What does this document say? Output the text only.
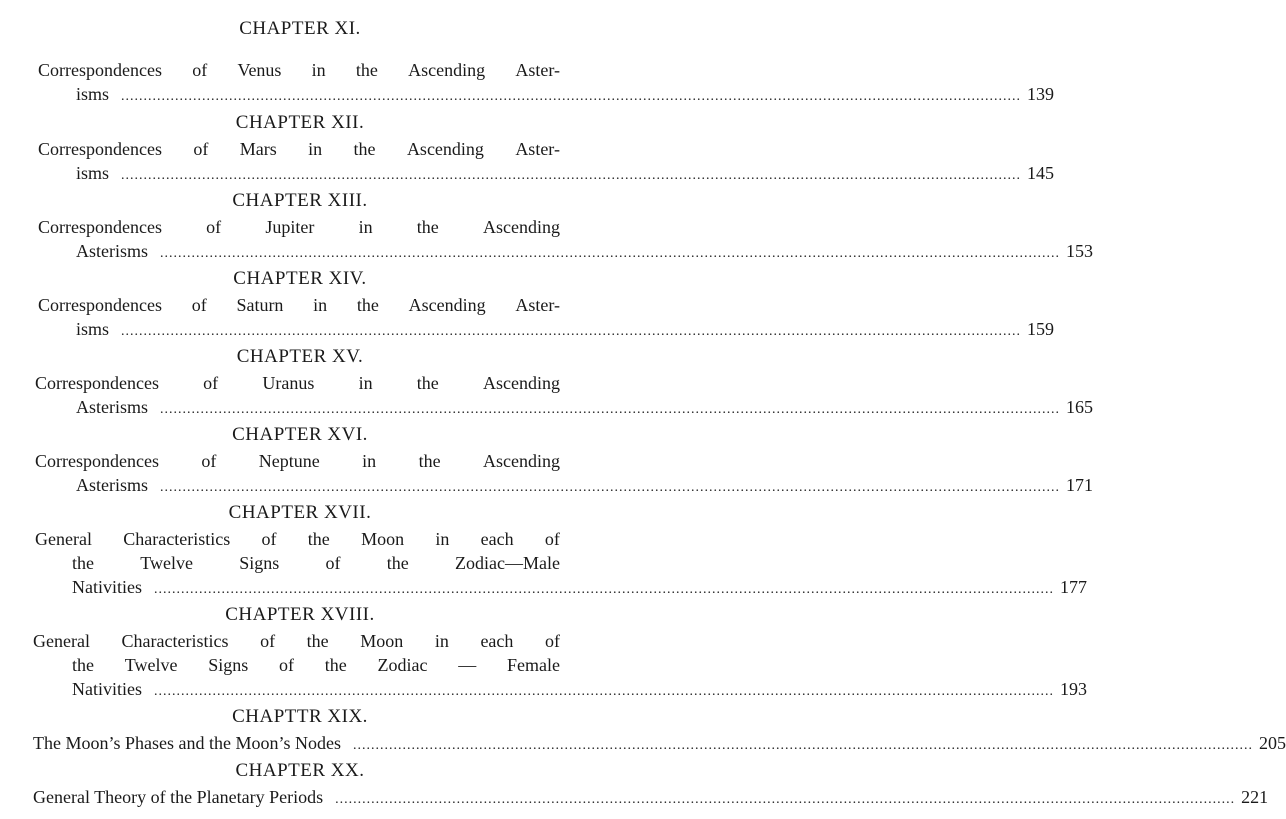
CHAPTER XI.
Correspondences of Venus in the Ascending Aster-
isms ........................................................................................................................................................................................................ 139
CHAPTER XII.
Correspondences of Mars in the Ascending Aster-
isms ........................................................................................................................................................................................................ 145
CHAPTER XIII.
Correspondences of Jupiter in the Ascending
Asterisms ........................................................................................................................................................................................................ 153
CHAPTER XIV.
Correspondences of Saturn in the Ascending Aster-
isms ........................................................................................................................................................................................................ 159
CHAPTER XV.
Correspondences of Uranus in the Ascending
Asterisms ........................................................................................................................................................................................................ 165
CHAPTER XVI.
Correspondences of Neptune in the Ascending
Asterisms ........................................................................................................................................................................................................ 171
CHAPTER XVII.
General Characteristics of the Moon in each of
the	Twelve	Signs	of	the	Zodiac—Male
Nativities ........................................................................................................................................................................................................ 177
CHAPTER XVIII.
General Characteristics of the Moon in each of
the Twelve Signs of the Zodiac — Female
Nativities ........................................................................................................................................................................................................ 193
CHAPTTR XIX.
The Moon’s Phases and the Moon’s Nodes ........................................................................................................................................................................................................ 205
CHAPTER XX.
General Theory of the Planetary Periods ........................................................................................................................................................................................................ 221
